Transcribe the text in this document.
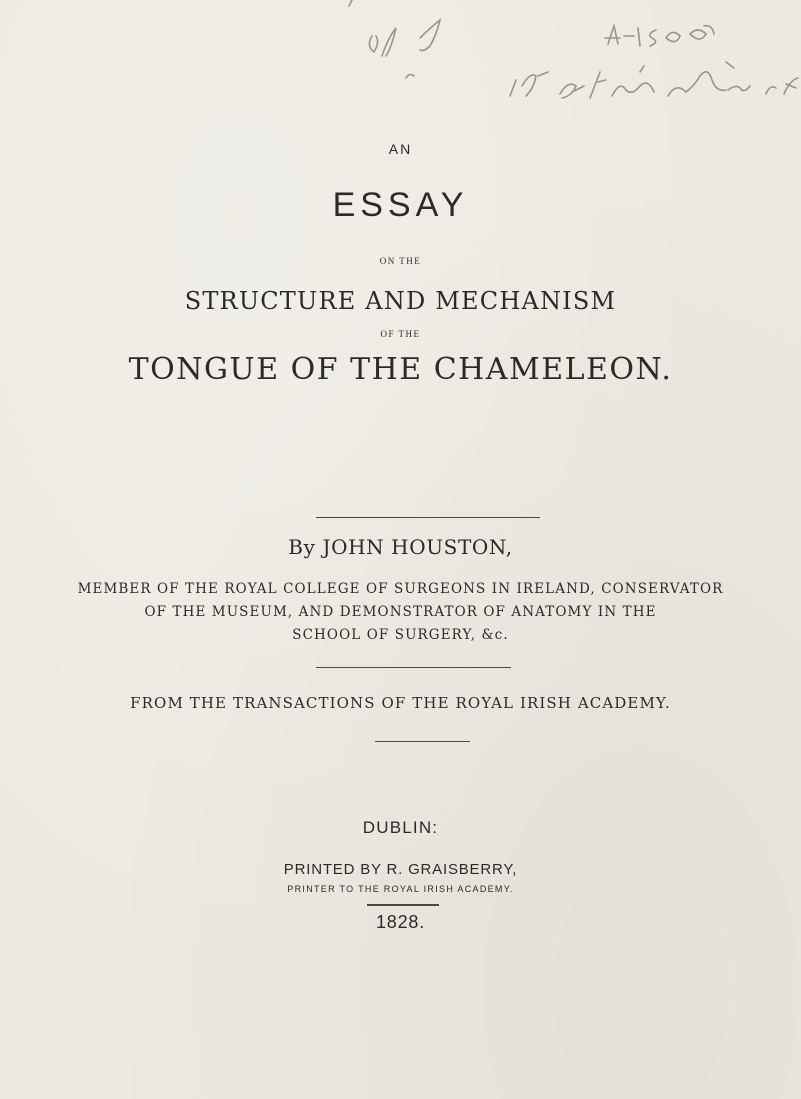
AN

ESSAY

ON THE

STRUCTURE AND MECHANISM

OF THE

TONGUE OF THE CHAMELEON.

By JOHN HOUSTON,

MEMBER OF THE ROYAL COLLEGE OF SURGEONS IN IRELAND, CONSERVATOR

OF THE MUSEUM, AND DEMONSTRATOR OF ANATOMY IN THE

SCHOOL OF SURGERY, &c.

FROM THE TRANSACTIONS OF THE ROYAL IRISH ACADEMY.

DUBLIN:

PRINTED BY R. GRAISBERRY,

PRINTER TO THE ROYAL IRISH ACADEMY.

1828.
